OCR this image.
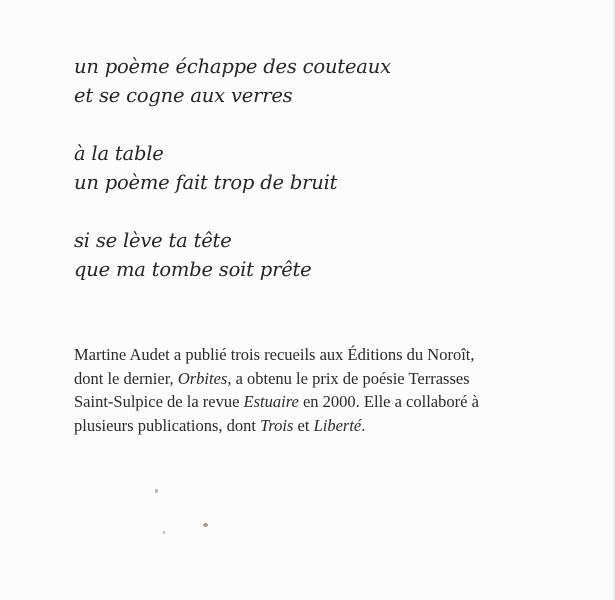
un poème échappe des couteaux
et se cogne aux verres
à la table
un poème fait trop de bruit
si se lève ta tête
que ma tombe soit prête
Martine Audet a publié trois recueils aux Éditions du Noroît,
dont le dernier, Orbites, a obtenu le prix de poésie Terrasses
Saint-Sulpice de la revue Estuaire en 2000. Elle a collaboré à
plusieurs publications, dont Trois et Liberté.
